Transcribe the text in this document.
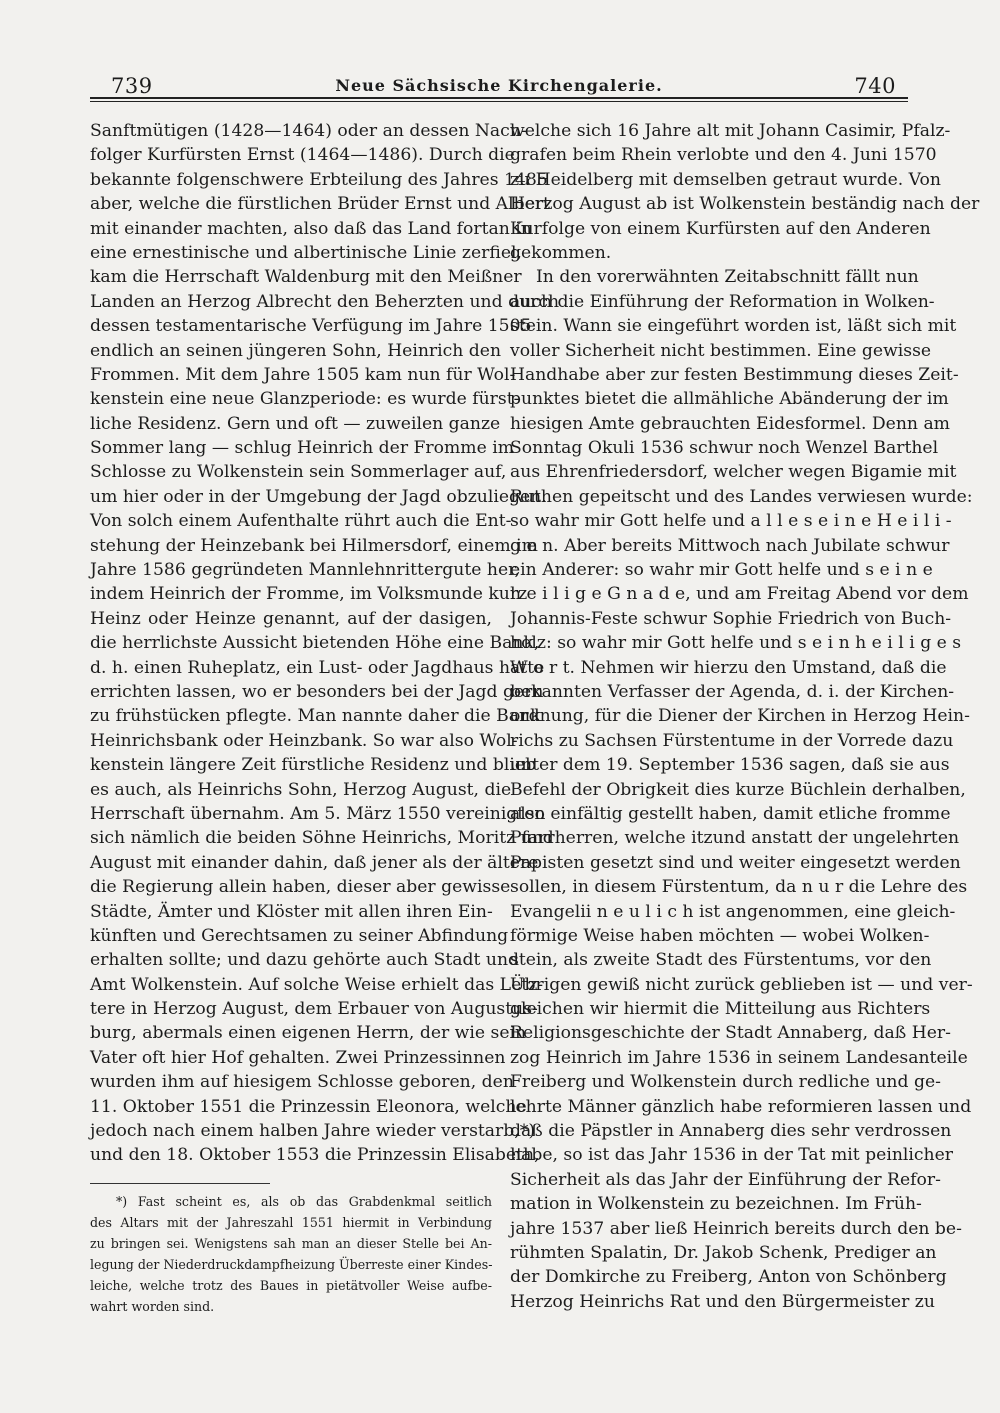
739	Neue Sächsische Kirchengalerie.	740
Sanftmütigen (1428—1464) oder an dessen Nach-
folger Kurfürsten Ernst (1464—1486). Durch die
bekannte folgenschwere Erbteilung des Jahres 1485
aber, welche die fürstlichen Brüder Ernst und Albert
mit einander machten, also daß das Land fortan in
eine ernestinische und albertinische Linie zerfiel,
kam die Herrschaft Waldenburg mit den Meißner
Landen an Herzog Albrecht den Beherzten und durch
dessen testamentarische Verfügung im Jahre 1505
endlich an seinen jüngeren Sohn, Heinrich den
Frommen. Mit dem Jahre 1505 kam nun für Wol-
kenstein eine neue Glanzperiode: es wurde fürst-
liche Residenz. Gern und oft — zuweilen ganze
Sommer lang — schlug Heinrich der Fromme im
Schlosse zu Wolkenstein sein Sommerlager auf,
um hier oder in der Umgebung der Jagd obzuliegen.
Von solch einem Aufenthalte rührt auch die Ent-
stehung der Heinzebank bei Hilmersdorf, einem im
Jahre 1586 gegründeten Mannlehnrittergute her,
indem Heinrich der Fromme, im Volksmunde kurz
Heinz oder Heinze genannt, auf der dasigen,
die herrlichste Aussicht bietenden Höhe eine Bank,
d. h. einen Ruheplatz, ein Lust- oder Jagdhaus hatte
errichten lassen, wo er besonders bei der Jagd gern
zu frühstücken pflegte. Man nannte daher die Bank
Heinrichsbank oder Heinzbank. So war also Wol-
kenstein längere Zeit fürstliche Residenz und blieb
es auch, als Heinrichs Sohn, Herzog August, die
Herrschaft übernahm. Am 5. März 1550 vereinigten
sich nämlich die beiden Söhne Heinrichs, Moritz und
August mit einander dahin, daß jener als der ältere
die Regierung allein haben, dieser aber gewisse
Städte, Ämter und Klöster mit allen ihren Ein-
künften und Gerechtsamen zu seiner Abfindung
erhalten sollte; und dazu gehörte auch Stadt und
Amt Wolkenstein. Auf solche Weise erhielt das Letz-
tere in Herzog August, dem Erbauer von Augustus-
burg, abermals einen eigenen Herrn, der wie sein
Vater oft hier Hof gehalten. Zwei Prinzessinnen
wurden ihm auf hiesigem Schlosse geboren, den
11. Oktober 1551 die Prinzessin Eleonora, welche
jedoch nach einem halben Jahre wieder verstarb,*)
und den 18. Oktober 1553 die Prinzessin Elisabeth,
welche sich 16 Jahre alt mit Johann Casimir, Pfalz-
grafen beim Rhein verlobte und den 4. Juni 1570
zu Heidelberg mit demselben getraut wurde. Von
Herzog August ab ist Wolkenstein beständig nach der
Kurfolge von einem Kurfürsten auf den Anderen
gekommen.
In den vorerwähnten Zeitabschnitt fällt nun
auch die Einführung der Reformation in Wolken-
stein. Wann sie eingeführt worden ist, läßt sich mit
voller Sicherheit nicht bestimmen. Eine gewisse
Handhabe aber zur festen Bestimmung dieses Zeit-
punktes bietet die allmähliche Abänderung der im
hiesigen Amte gebrauchten Eidesformel. Denn am
Sonntag Okuli 1536 schwur noch Wenzel Barthel
aus Ehrenfriedersdorf, welcher wegen Bigamie mit
Ruthen gepeitscht und des Landes verwiesen wurde:
so wahr mir Gott helfe und a l l e s e i n e H e i l i -
g e n. Aber bereits Mittwoch nach Jubilate schwur
ein Anderer: so wahr mir Gott helfe und s e i n e
h e i l i g e G n a d e, und am Freitag Abend vor dem
Johannis-Feste schwur Sophie Friedrich von Buch-
holz: so wahr mir Gott helfe und s e i n h e i l i g e s
W o r t. Nehmen wir hierzu den Umstand, daß die
bekannten Verfasser der Agenda, d. i. der Kirchen-
ordnung, für die Diener der Kirchen in Herzog Hein-
richs zu Sachsen Fürstentume in der Vorrede dazu
unter dem 19. September 1536 sagen, daß sie aus
Befehl der Obrigkeit dies kurze Büchlein derhalben,
also einfältig gestellt haben, damit etliche fromme
Pfarrherren, welche itzund anstatt der ungelehrten
Papisten gesetzt sind und weiter eingesetzt werden
sollen, in diesem Fürstentum, da n u r die Lehre des
Evangelii n e u l i c h ist angenommen, eine gleich-
förmige Weise haben möchten — wobei Wolken-
stein, als zweite Stadt des Fürstentums, vor den
Übrigen gewiß nicht zurück geblieben ist — und ver-
gleichen wir hiermit die Mitteilung aus Richters
Religionsgeschichte der Stadt Annaberg, daß Her-
zog Heinrich im Jahre 1536 in seinem Landesanteile
Freiberg und Wolkenstein durch redliche und ge-
lehrte Männer gänzlich habe reformieren lassen und
daß die Päpstler in Annaberg dies sehr verdrossen
habe, so ist das Jahr 1536 in der Tat mit peinlicher
Sicherheit als das Jahr der Einführung der Refor-
mation in Wolkenstein zu bezeichnen. Im Früh-
jahre 1537 aber ließ Heinrich bereits durch den be-
rühmten Spalatin, Dr. Jakob Schenk, Prediger an
der Domkirche zu Freiberg, Anton von Schönberg
Herzog Heinrichs Rat und den Bürgermeister zu
*) Fast scheint es, als ob das Grabdenkmal seitlich
des Altars mit der Jahreszahl 1551 hiermit in Verbindung
zu bringen sei. Wenigstens sah man an dieser Stelle bei An-
legung der Niederdruckdampfheizung Überreste einer Kindes-
leiche, welche trotz des Baues in pietätvoller Weise aufbe-
wahrt worden sind.
